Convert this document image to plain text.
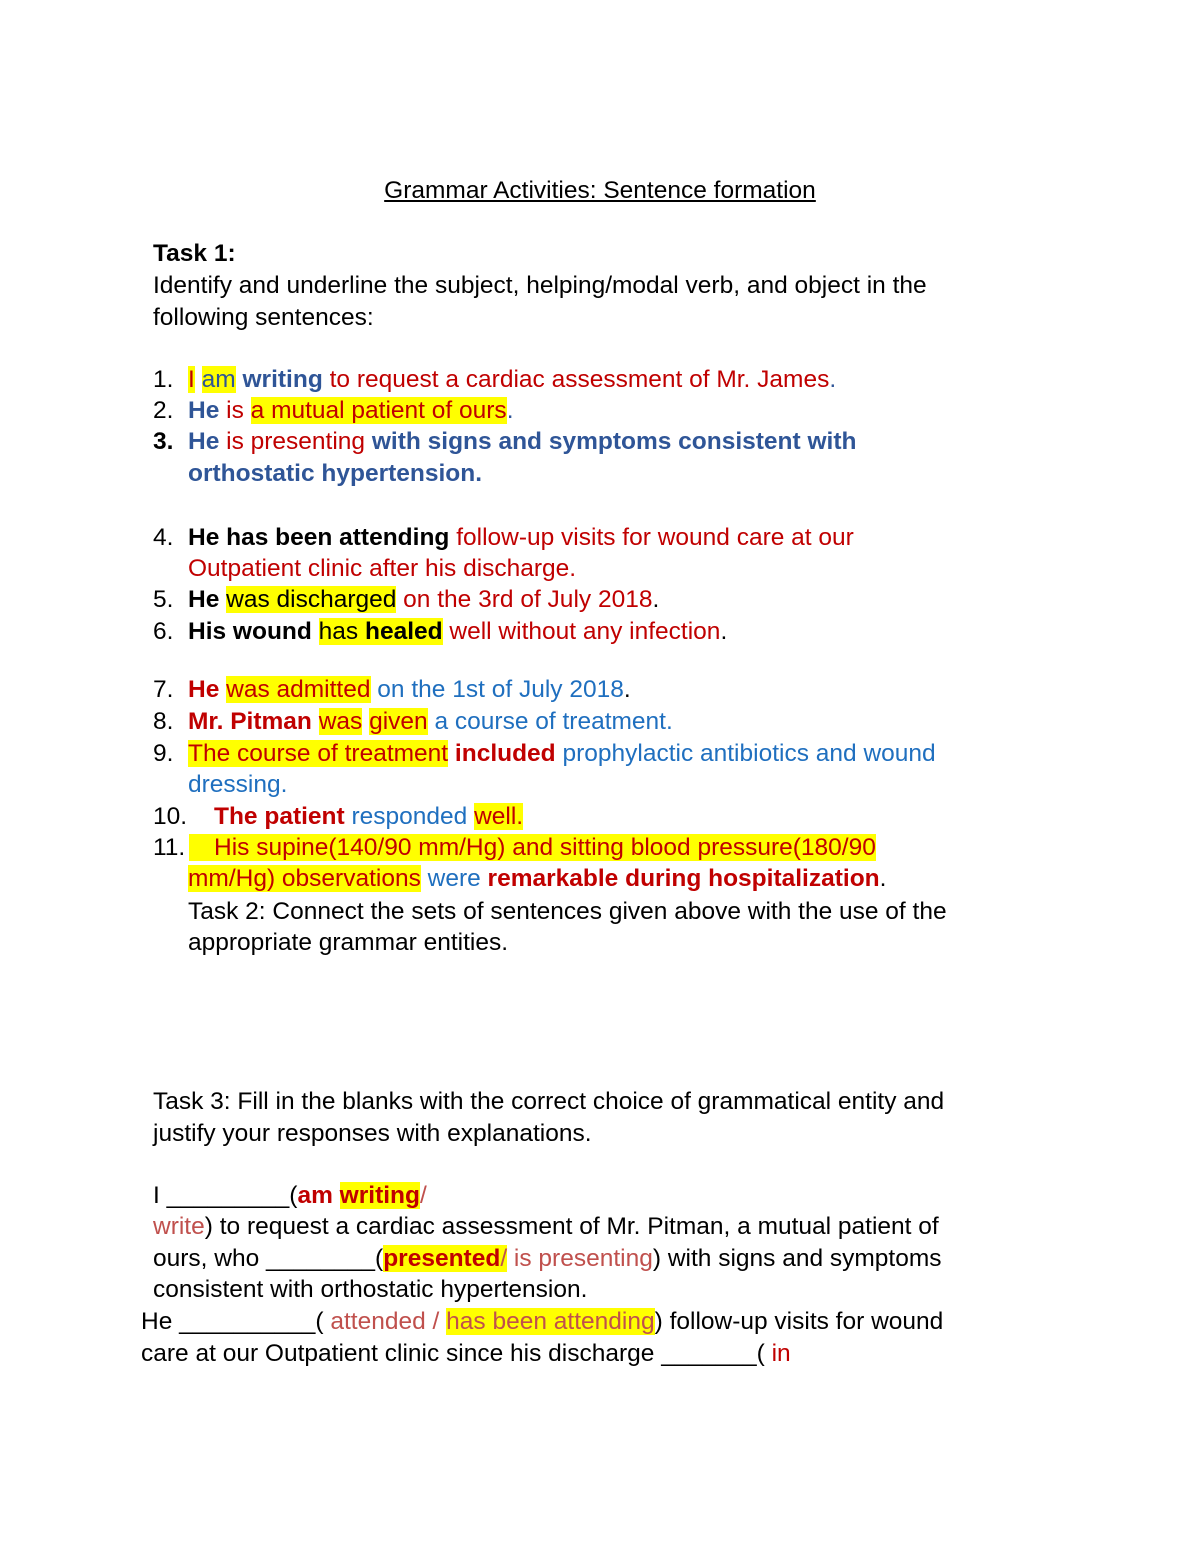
Grammar Activities: Sentence formation
Task 1:
Identify and underline the subject, helping/modal verb, and object in the
following sentences:
1. I am writing to request a cardiac assessment of Mr. James.
2. He is a mutual patient of ours.
3. He is presenting with signs and symptoms consistent with
orthostatic hypertension.
4. He has been attending follow-up visits for wound care at our
Outpatient clinic after his discharge.
5. He was discharged on the 3rd of July 2018.
6. His wound has healed well without any infection.
7. He was admitted on the 1st of July 2018.
8. Mr. Pitman was given a course of treatment.
9. The course of treatment included prophylactic antibiotics and wound
dressing.
10. The patient responded well.
11. His supine(140/90 mm/Hg) and sitting blood pressure(180/90
mm/Hg) observations were remarkable during hospitalization.
Task 2: Connect the sets of sentences given above with the use of the
appropriate grammar entities.
Task 3: Fill in the blanks with the correct choice of grammatical entity and
justify your responses with explanations.
I _________(am writing/
write) to request a cardiac assessment of Mr. Pitman, a mutual patient of
ours, who ________(presented/ is presenting) with signs and symptoms
consistent with orthostatic hypertension.
He __________( attended / has been attending) follow-up visits for wound
care at our Outpatient clinic since his discharge _______( in
